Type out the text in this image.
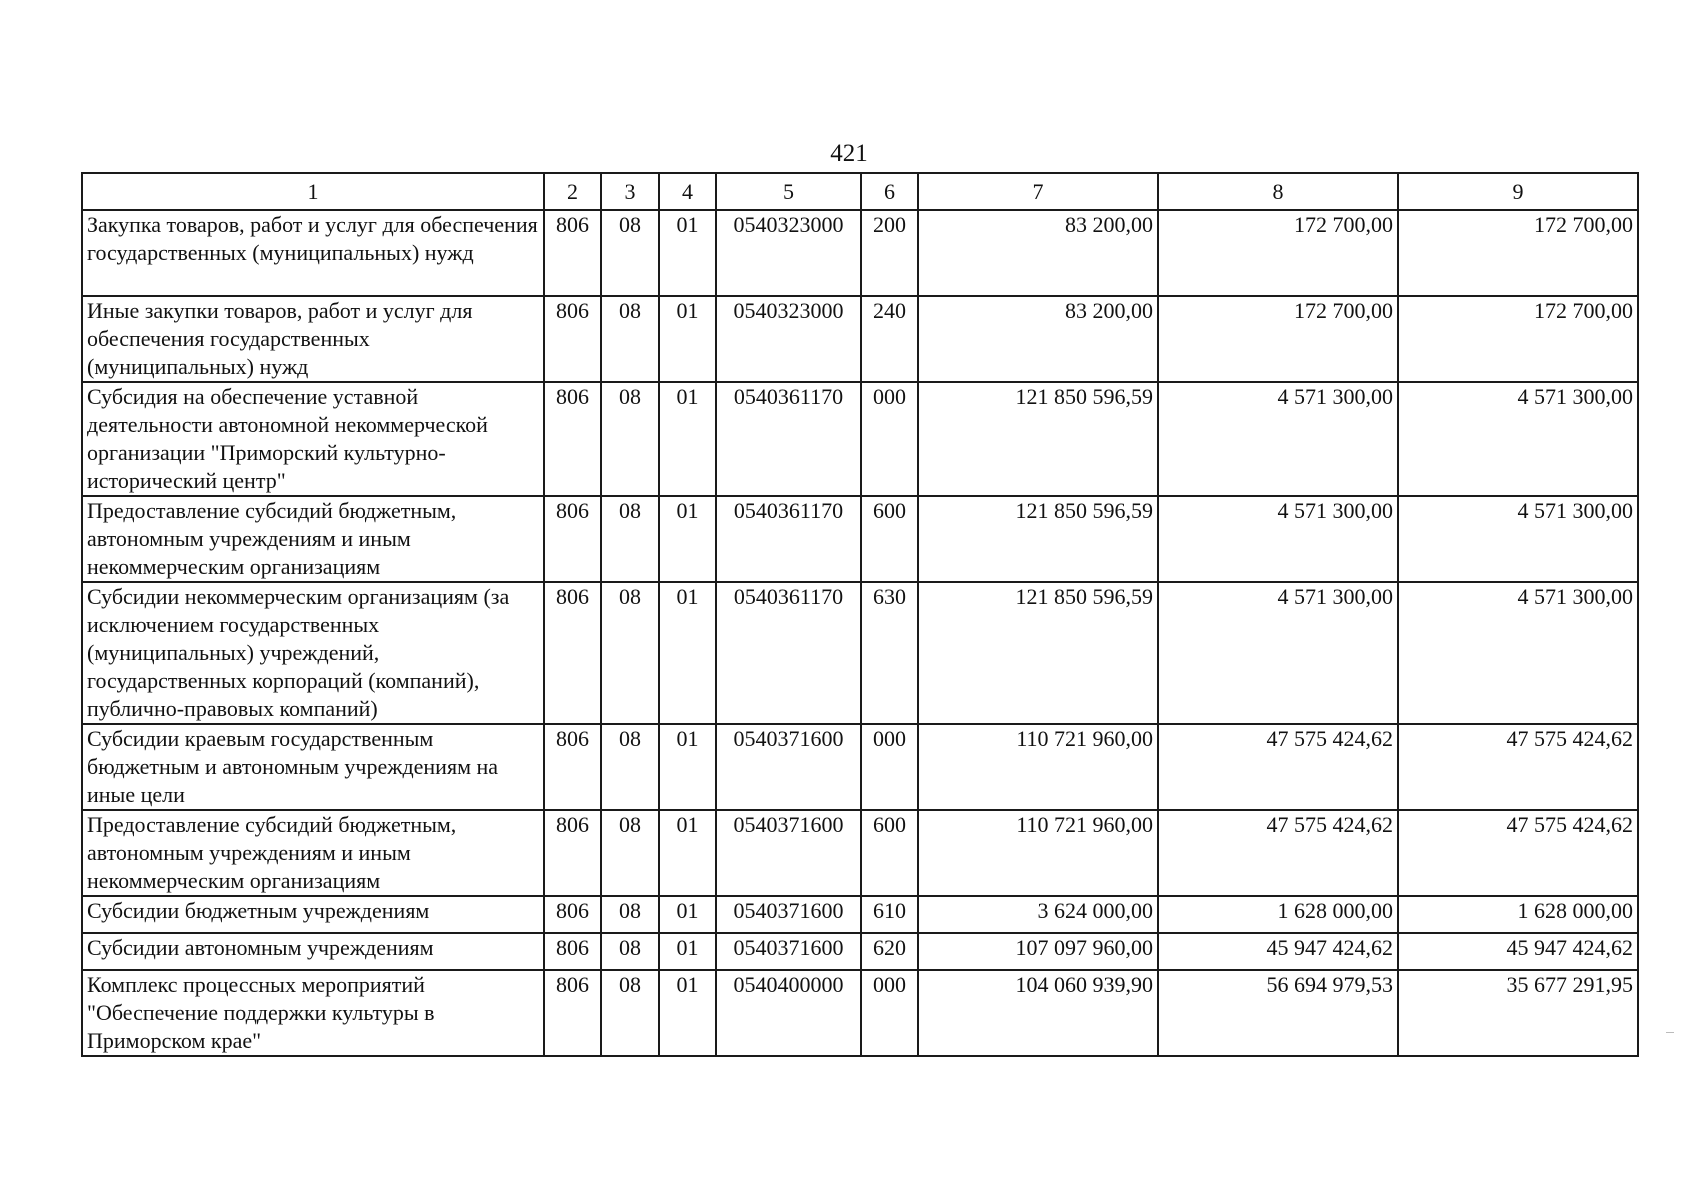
421
1	2	3	4	5	6	7	8	9
Закупка товаров, работ и услуг для обеспечения государственных (муниципальных) нужд	806	08	01	0540323000	200	83 200,00	172 700,00	172 700,00
Иные закупки товаров, работ и услуг для обеспечения государственных (муниципальных) нужд	806	08	01	0540323000	240	83 200,00	172 700,00	172 700,00
Субсидия на обеспечение уставной деятельности автономной некоммерческой организации "Приморский культурно-исторический центр"	806	08	01	0540361170	000	121 850 596,59	4 571 300,00	4 571 300,00
Предоставление субсидий бюджетным, автономным учреждениям и иным некоммерческим организациям	806	08	01	0540361170	600	121 850 596,59	4 571 300,00	4 571 300,00
Субсидии некоммерческим организациям (за исключением государственных (муниципальных) учреждений, государственных корпораций (компаний), публично-правовых компаний)	806	08	01	0540361170	630	121 850 596,59	4 571 300,00	4 571 300,00
Субсидии краевым государственным бюджетным и автономным учреждениям на иные цели	806	08	01	0540371600	000	110 721 960,00	47 575 424,62	47 575 424,62
Предоставление субсидий бюджетным, автономным учреждениям и иным некоммерческим организациям	806	08	01	0540371600	600	110 721 960,00	47 575 424,62	47 575 424,62
Субсидии бюджетным учреждениям	806	08	01	0540371600	610	3 624 000,00	1 628 000,00	1 628 000,00
Субсидии автономным учреждениям	806	08	01	0540371600	620	107 097 960,00	45 947 424,62	45 947 424,62
Комплекс процессных мероприятий "Обеспечение поддержки культуры в Приморском крае"	806	08	01	0540400000	000	104 060 939,90	56 694 979,53	35 677 291,95
